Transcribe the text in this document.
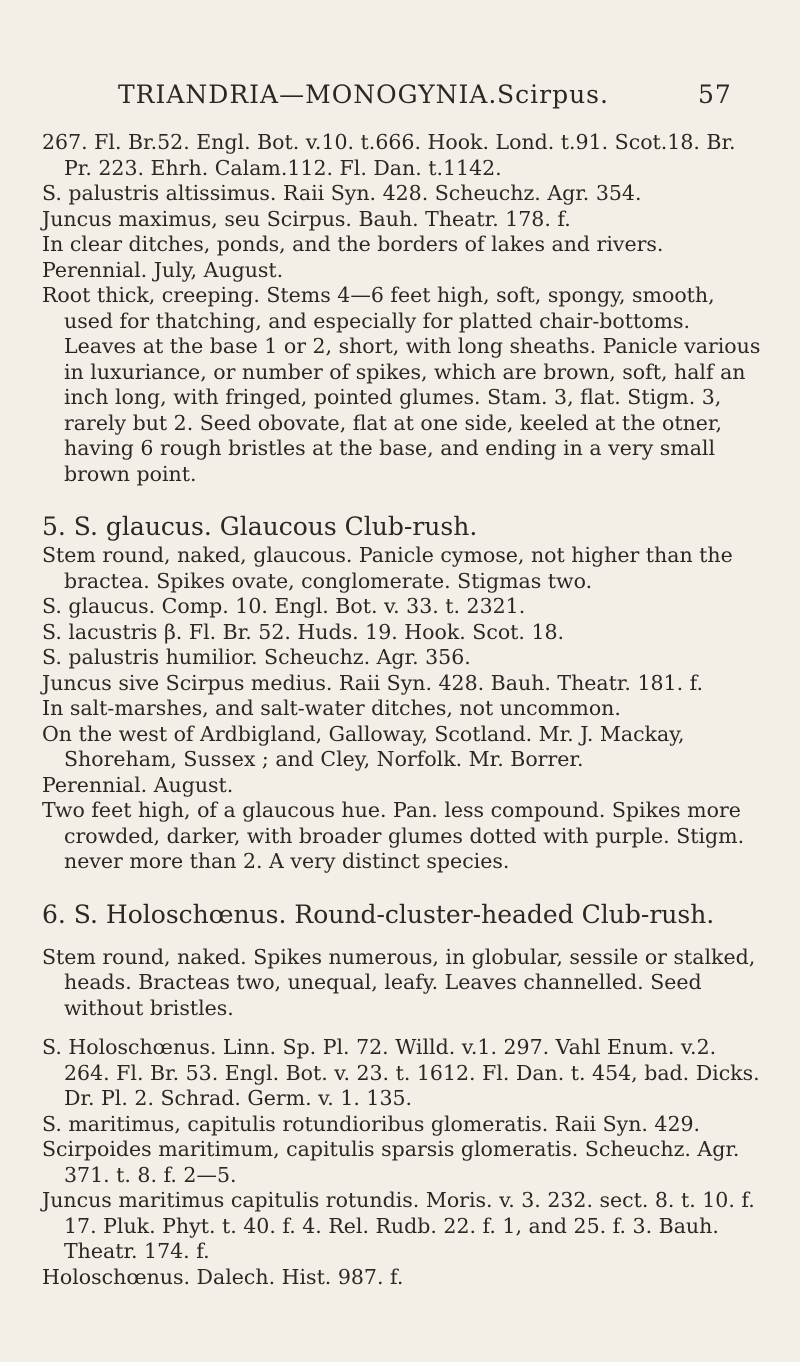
TRIANDRIA—MONOGYNIA. Scirpus.	57

267. Fl. Br.52. Engl. Bot. v.10. t.666. Hook. Lond. t.91. Scot.18. Br. Pr. 223. Ehrh. Calam.112. Fl. Dan. t.1142.

S. palustris altissimus. Raii Syn. 428. Scheuchz. Agr. 354.

Juncus maximus, seu Scirpus. Bauh. Theatr. 178. f.

In clear ditches, ponds, and the borders of lakes and rivers.

Perennial. July, August.

Root thick, creeping. Stems 4—6 feet high, soft, spongy, smooth, used for thatching, and especially for platted chair-bottoms. Leaves at the base 1 or 2, short, with long sheaths. Panicle various in luxuriance, or number of spikes, which are brown, soft, half an inch long, with fringed, pointed glumes. Stam. 3, flat. Stigm. 3, rarely but 2. Seed obovate, flat at one side, keeled at the otner, having 6 rough bristles at the base, and ending in a very small brown point.

5. S. glaucus. Glaucous Club-rush.

Stem round, naked, glaucous. Panicle cymose, not higher than the bractea. Spikes ovate, conglomerate. Stigmas two.

S. glaucus. Comp. 10. Engl. Bot. v. 33. t. 2321.

S. lacustris β. Fl. Br. 52. Huds. 19. Hook. Scot. 18.

S. palustris humilior. Scheuchz. Agr. 356.

Juncus sive Scirpus medius. Raii Syn. 428. Bauh. Theatr. 181. f.

In salt-marshes, and salt-water ditches, not uncommon.

On the west of Ardbigland, Galloway, Scotland. Mr. J. Mackay, Shoreham, Sussex ; and Cley, Norfolk. Mr. Borrer.

Perennial. August.

Two feet high, of a glaucous hue. Pan. less compound. Spikes more crowded, darker, with broader glumes dotted with purple. Stigm. never more than 2. A very distinct species.

6. S. Holoschœnus. Round-cluster-headed Club-rush.

Stem round, naked. Spikes numerous, in globular, sessile or stalked, heads. Bracteas two, unequal, leafy. Leaves channelled. Seed without bristles.

S. Holoschœnus. Linn. Sp. Pl. 72. Willd. v.1. 297. Vahl Enum. v.2. 264. Fl. Br. 53. Engl. Bot. v. 23. t. 1612. Fl. Dan. t. 454, bad. Dicks. Dr. Pl. 2. Schrad. Germ. v. 1. 135.

S. maritimus, capitulis rotundioribus glomeratis. Raii Syn. 429.

Scirpoides maritimum, capitulis sparsis glomeratis. Scheuchz. Agr. 371. t. 8. f. 2—5.

Juncus maritimus capitulis rotundis. Moris. v. 3. 232. sect. 8. t. 10. f. 17. Pluk. Phyt. t. 40. f. 4. Rel. Rudb. 22. f. 1, and 25. f. 3. Bauh. Theatr. 174. f.

Holoschœnus. Dalech. Hist. 987. f.
